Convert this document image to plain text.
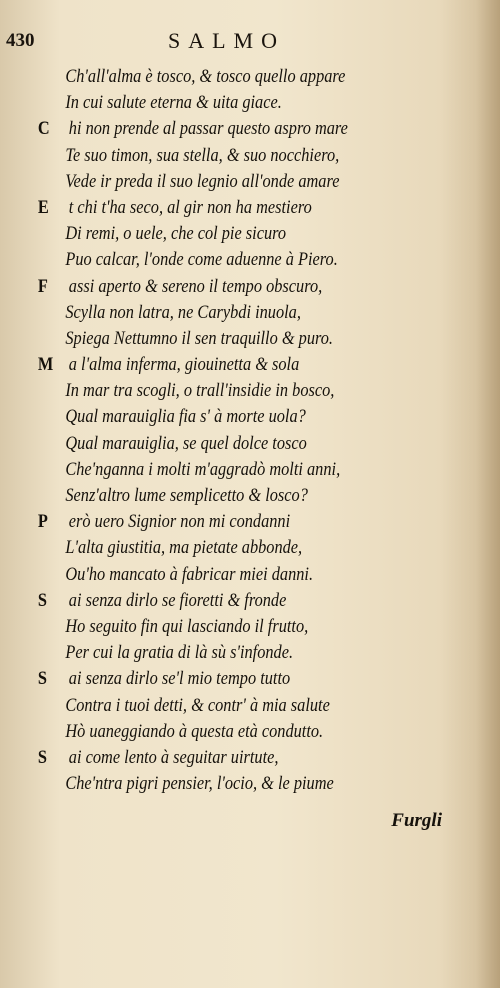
430	SALMO
Ch'all'alma è tosco, & tosco quello appare
In cui salute eterna & uita giace.
C hi non prende al passar questo aspro mare
Te suo timon, sua stella, & suo nocchiero,
Vede ir preda il suo legnio all'onde amare
E t chi t'ha seco, al gir non ha mestiero
Di remi, o uele, che col pie sicuro
Puo calcar, l'onde come aduenne à Piero.
F assi aperto & sereno il tempo obscuro,
Scylla non latra, ne Carybdi inuola,
Spiega Nettumno il sen traquillo & puro.
M a l'alma inferma, giouinetta & sola
In mar tra scogli, o trall'insidie in bosco,
Qual marauiglia fia s' à morte uola?
Qual marauiglia, se quel dolce tosco
Che'nganna i molti m'aggradò molti anni,
Senz'altro lume semplicetto & losco?
P erò uero Signior non mi condanni
L'alta giustitia, ma pietate abbonde,
Ou'ho mancato à fabricar miei danni.
S ai senza dirlo se fioretti & fronde
Ho seguito fin qui lasciando il frutto,
Per cui la gratia di là sù s'infonde.
S ai senza dirlo se'l mio tempo tutto
Contra i tuoi detti, & contr' à mia salute
Hò uaneggiando à questa età condutto.
S ai come lento à seguitar uirtute,
Che'ntra pigri pensier, l'ocio, & le piume
Furgli
